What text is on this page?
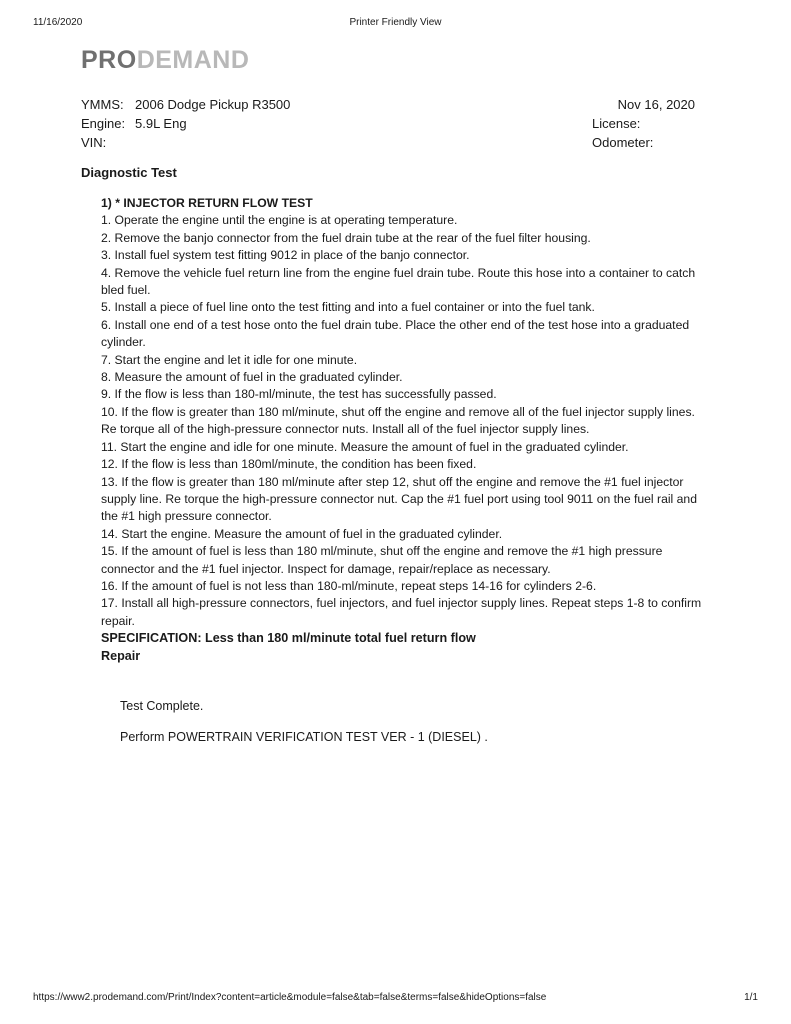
11/16/2020	Printer Friendly View
PRODEMAND
YMMS: 2006 Dodge Pickup R3500	Nov 16, 2020
Engine: 5.9L Eng	License:
VIN:	Odometer:
Diagnostic Test
1) * INJECTOR RETURN FLOW TEST

1. Operate the engine until the engine is at operating temperature.

2. Remove the banjo connector from the fuel drain tube at the rear of the fuel filter housing.

3. Install fuel system test fitting 9012 in place of the banjo connector.

4. Remove the vehicle fuel return line from the engine fuel drain tube. Route this hose into a container to catch bled fuel.

5. Install a piece of fuel line onto the test fitting and into a fuel container or into the fuel tank.

6. Install one end of a test hose onto the fuel drain tube. Place the other end of the test hose into a graduated cylinder.

7. Start the engine and let it idle for one minute.

8. Measure the amount of fuel in the graduated cylinder.

9. If the flow is less than 180-ml/minute, the test has successfully passed.

10. If the flow is greater than 180 ml/minute, shut off the engine and remove all of the fuel injector supply lines. Re torque all of the high-pressure connector nuts. Install all of the fuel injector supply lines.

11. Start the engine and idle for one minute. Measure the amount of fuel in the graduated cylinder.

12. If the flow is less than 180ml/minute, the condition has been fixed.

13. If the flow is greater than 180 ml/minute after step 12, shut off the engine and remove the #1 fuel injector supply line. Re torque the high-pressure connector nut. Cap the #1 fuel port using tool 9011 on the fuel rail and the #1 high pressure connector.

14. Start the engine. Measure the amount of fuel in the graduated cylinder.

15. If the amount of fuel is less than 180 ml/minute, shut off the engine and remove the #1 high pressure connector and the #1 fuel injector. Inspect for damage, repair/replace as necessary.

16. If the amount of fuel is not less than 180-ml/minute, repeat steps 14-16 for cylinders 2-6.

17. Install all high-pressure connectors, fuel injectors, and fuel injector supply lines. Repeat steps 1-8 to confirm repair.

SPECIFICATION: Less than 180 ml/minute total fuel return flow
Repair

Test Complete.

Perform POWERTRAIN VERIFICATION TEST VER - 1 (DIESEL) .

https://www2.prodemand.com/Print/Index?content=article&module=false&tab=false&terms=false&hideOptions=false	1/1
